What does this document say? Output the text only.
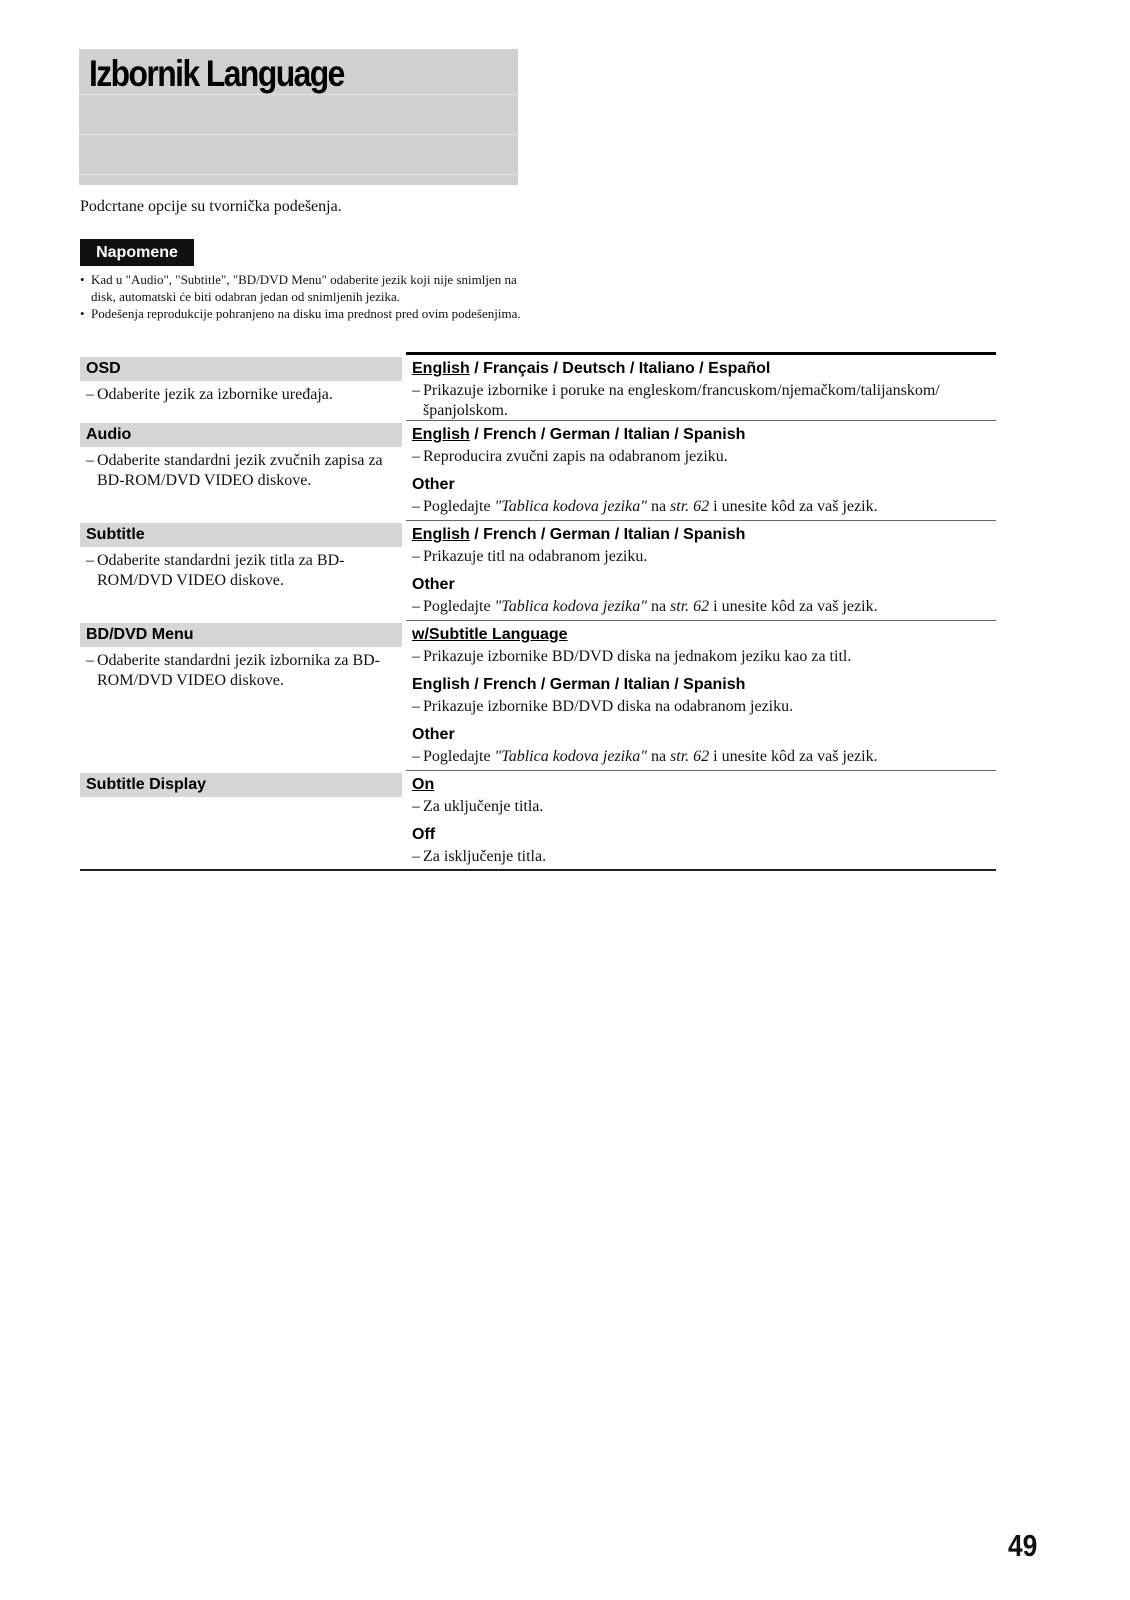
Izbornik Language
Podcrtane opcije su tvornička podešenja.
Napomene
• Kad u "Audio", "Subtitle", "BD/DVD Menu" odaberite jezik koji nije snimljen na disk, automatski će biti odabran jedan od snimljenih jezika.
• Podešenja reprodukcije pohranjeno na disku ima prednost pred ovim podešenjima.
OSD
– Odaberite jezik za izbornike uređaja.
English / Français / Deutsch / Italiano / Español
– Prikazuje izbornike i poruke na engleskom/francuskom/njemačkom/talijanskom/ španjolskom.
Audio
– Odaberite standardni jezik zvučnih zapisa za BD-ROM/DVD VIDEO diskove.
English / French / German / Italian / Spanish
– Reproducira zvučni zapis na odabranom jeziku.
Other
– Pogledajte "Tablica kodova jezika" na str. 62 i unesite kôd za vaš jezik.
Subtitle
– Odaberite standardni jezik titla za BD-ROM/DVD VIDEO diskove.
English / French / German / Italian / Spanish
– Prikazuje titl na odabranom jeziku.
Other
– Pogledajte "Tablica kodova jezika" na str. 62 i unesite kôd za vaš jezik.
BD/DVD Menu
– Odaberite standardni jezik izbornika za BD-ROM/DVD VIDEO diskove.
w/Subtitle Language
– Prikazuje izbornike BD/DVD diska na jednakom jeziku kao za titl.
English / French / German / Italian / Spanish
– Prikazuje izbornike BD/DVD diska na odabranom jeziku.
Other
– Pogledajte "Tablica kodova jezika" na str. 62 i unesite kôd za vaš jezik.
Subtitle Display	On
– Za uključenje titla.
Off
– Za isključenje titla.
49
